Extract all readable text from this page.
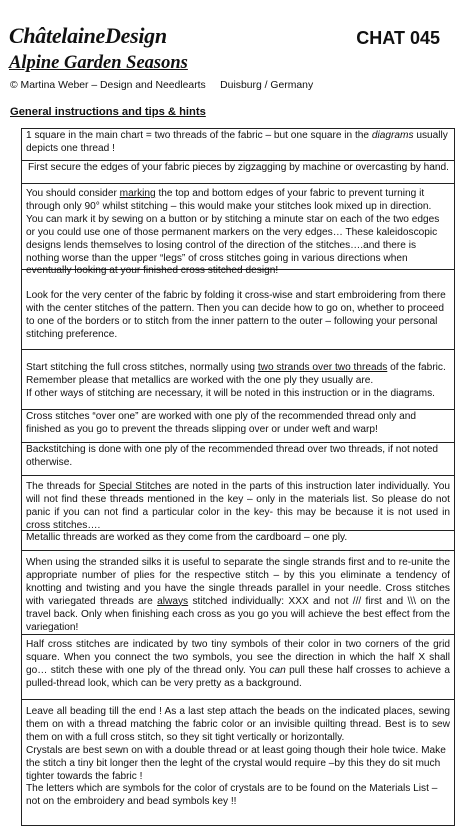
ChâtelaineDesign
Alpine Garden Seasons
CHAT 045
© Martina Weber – Design and Needlearts     Duisburg / Germany
General instructions and tips & hints
1 square in the main chart = two threads of the fabric – but one square in the diagrams usually depicts one thread !
First secure the edges of your fabric pieces by zigzagging by machine or overcasting by hand.
You should consider marking the top and bottom edges of your fabric to prevent turning it through only 90° whilst stitching – this would make your stitches look mixed up in direction. You can mark it by sewing on a button or by stitching a minute star on each of the two edges or you could use one of those permanent markers on the very edges… These kaleidoscopic designs lends themselves to losing control of the direction of the stitches….and there is nothing worse than the upper “legs” of cross stitches going in various directions when eventually looking at your finished cross stitched design!
Look for the very center of the fabric by folding it cross-wise and start embroidering from there with the center stitches of the pattern. Then you can decide how to go on, whether to proceed to one of the borders or to stitch from the inner pattern to the outer – following your personal stitching preference.
Start stitching the full cross stitches, normally using two strands over two threads of the fabric. Remember please that metallics are worked with the one ply they usually are.
If other ways of stitching are necessary, it will be noted in this instruction or in the diagrams.
Cross stitches “over one” are worked with one ply of the recommended thread only and finished as you go to prevent the threads slipping over or under weft and warp!
Backstitching is done with one ply of the recommended thread over two threads, if not noted otherwise.
The threads for Special Stitches are noted in the parts of this instruction later individually. You will not find these threads mentioned in the key – only in the materials list. So please do not panic if you can not find a particular color in the key- this may be because it is not used in cross stitches….
Metallic threads are worked as they come from the cardboard – one ply.
When using the stranded silks it is useful to separate the single strands first and to re-unite the appropriate number of plies for the respective stitch – by this you eliminate a tendency of knotting and twisting and you have the single threads parallel in your needle. Cross stitches with variegated threads are always stitched individually: XXX and not /// first and \\\ on the travel back. Only when finishing each cross as you go you will achieve the best effect from the variegation!
Half cross stitches are indicated by two tiny symbols of their color in two corners of the grid square. When you connect the two symbols, you see the direction in which the half X shall go… stitch these with one ply of the thread only. You can pull these half crosses to achieve a pulled-thread look, which can be very pretty as a background.
Leave all beading till the end ! As a last step attach the beads on the indicated places, sewing them on with a thread matching the fabric color or an invisible quilting thread. Best is to sew them on with a full cross stitch, so they sit tight vertically or horizontally.
Crystals are best sewn on with a double thread or at least going though their hole twice. Make the stitch a tiny bit longer then the leght of the crystal would require –by this they do sit much tighter towards the fabric !
The letters which are symbols for the color of crystals are to be found on the Materials List – not on the embroidery and bead symbols key !!
